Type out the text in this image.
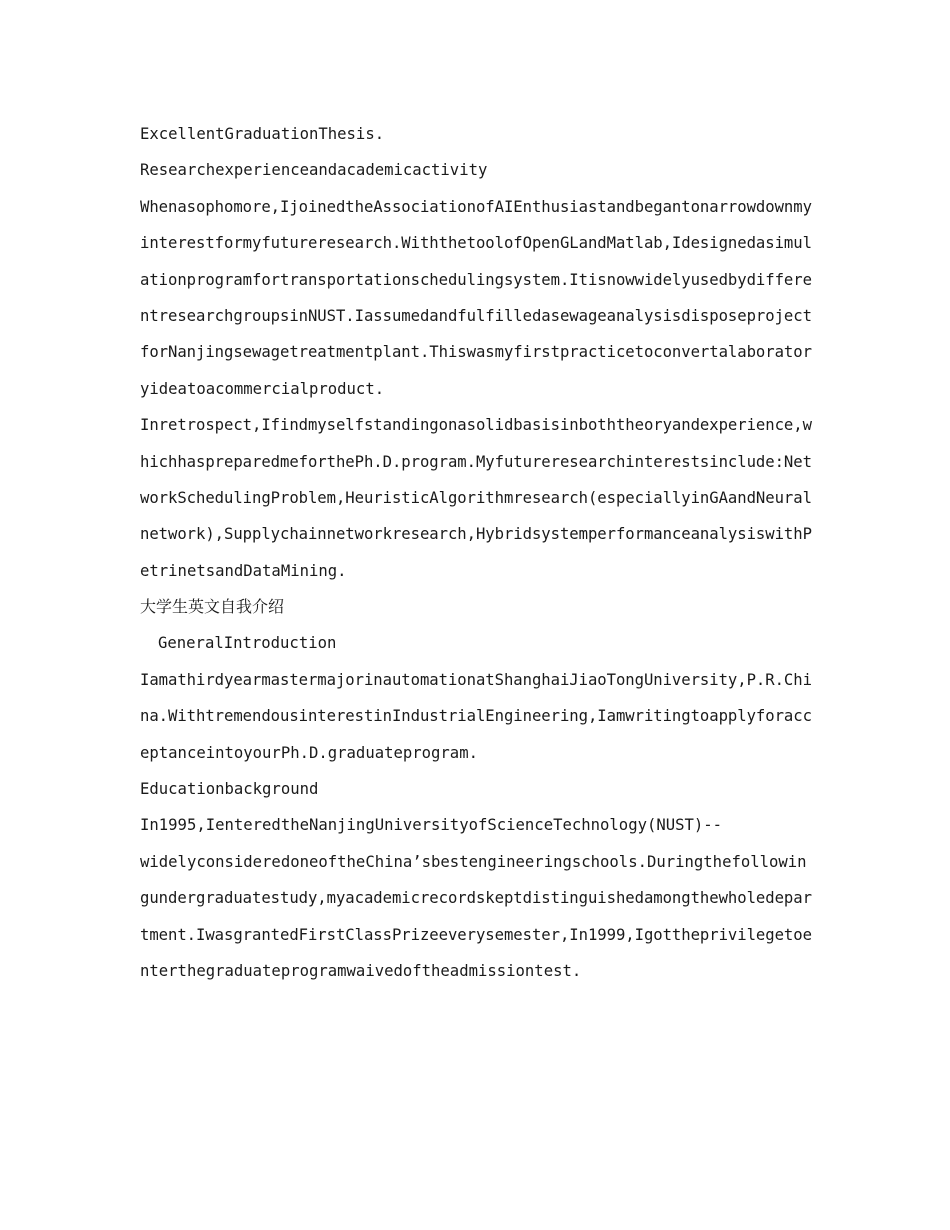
ExcellentGraduationThesis.
Researchexperienceandacademicactivity
Whenasophomore,IjoinedtheAssociationofAIEnthusiastandbegantonarrowdownmy
interestformyfutureresearch.WiththetoolofOpenGLandMatlab,Idesignedasimul
ationprogramfortransportationschedulingsystem.Itisnowwidelyusedbydiffere
ntresearchgroupsinNUST.Iassumedandfulfilledasewageanalysisdisposeproject
forNanjingsewagetreatmentplant.Thiswasmyfirstpracticetoconvertalaborator
yideatoacommercialproduct.
Inretrospect,Ifindmyselfstandingonasolidbasisinboththeoryandexperience,w
hichhaspreparedmeforthePh.D.program.Myfutureresearchinterestsinclude:Net
workSchedulingProblem,HeuristicAlgorithmresearch(especiallyinGAandNeural
network),Supplychainnetworkresearch,HybridsystemperformanceanalysiswithP
etrinetsandDataMining.
大学生英文自我介绍
GeneralIntroduction
IamathirdyearmastermajorinautomationatShanghaiJiaoTongUniversity,P.R.Chi
na.WithtremendousinterestinIndustrialEngineering,Iamwritingtoapplyforacc
eptanceintoyourPh.D.graduateprogram.
Educationbackground
In1995,IenteredtheNanjingUniversityofScienceTechnology(NUST)--
widelyconsideredoneoftheChina’sbestengineeringschools.Duringthefollowin
gundergraduatestudy,myacademicrecordskeptdistinguishedamongthewholedepar
tment.IwasgrantedFirstClassPrizeeverysemester,In1999,Igottheprivilegetoe
nterthegraduateprogramwaivedoftheadmissiontest.
